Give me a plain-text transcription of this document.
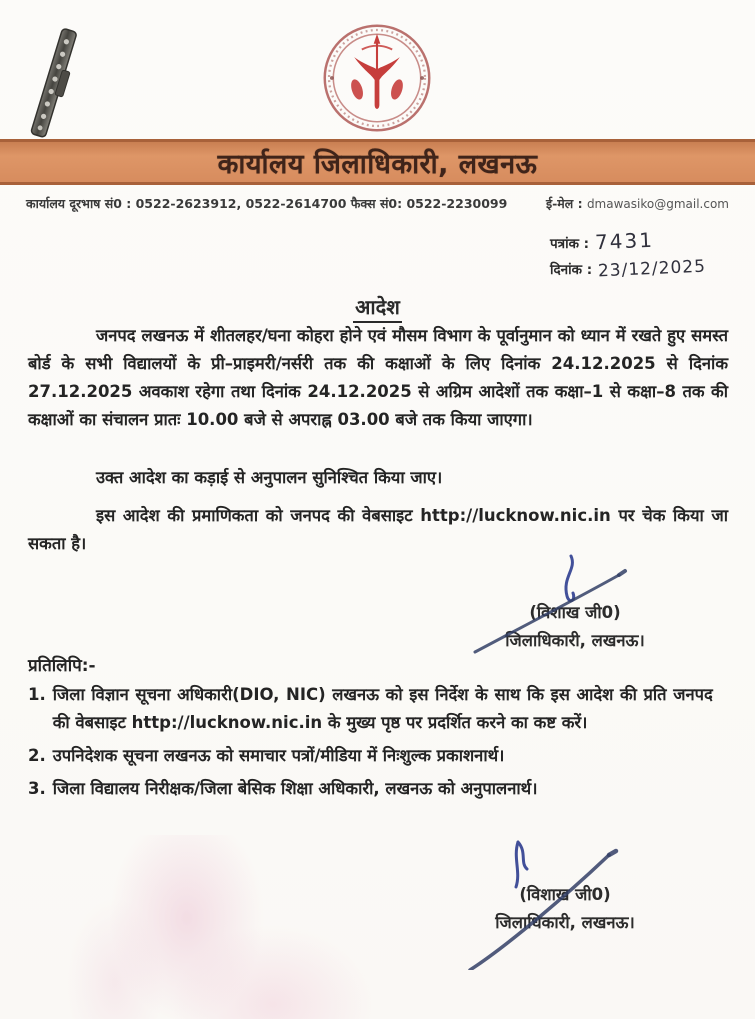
कार्यालय जिलाधिकारी, लखनऊ
कार्यालय दूरभाष सं0 : 0522-2623912, 0522-2614700 फैक्स सं0: 0522-2230099	ई-मेल : dmawasiko@gmail.com
पत्रांक : 7431
दिनांक : 23/12/2025
आदेश

जनपद लखनऊ में शीतलहर/घना कोहरा होने एवं मौसम विभाग के पूर्वानुमान को ध्यान में रखते हुए समस्त बोर्ड के सभी विद्यालयों के प्री–प्राइमरी/नर्सरी तक की कक्षाओं के लिए दिनांक 24.12.2025 से दिनांक 27.12.2025 अवकाश रहेगा तथा दिनांक 24.12.2025 से अग्रिम आदेशों तक कक्षा–1 से कक्षा–8 तक की कक्षाओं का संचालन प्रातः 10.00 बजे से अपराह्न 03.00 बजे तक किया जाएगा।

उक्त आदेश का कड़ाई से अनुपालन सुनिश्चित किया जाए।

इस आदेश की प्रमाणिकता को जनपद की वेबसाइट http://lucknow.nic.in पर चेक किया जा सकता है।

(विशाख जी0)
जिलाधिकारी, लखनऊ।
प्रतिलिपि:-
1. जिला विज्ञान सूचना अधिकारी(DIO, NIC) लखनऊ को इस निर्देश के साथ कि इस आदेश की प्रति जनपद की वेबसाइट http://lucknow.nic.in के मुख्य पृष्ठ पर प्रदर्शित करने का कष्ट करें।
2. उपनिदेशक सूचना लखनऊ को समाचार पत्रों/मीडिया में निःशुल्क प्रकाशनार्थ।
3. जिला विद्यालय निरीक्षक/जिला बेसिक शिक्षा अधिकारी, लखनऊ को अनुपालनार्थ।
(विशाख जी0)
जिलाधिकारी, लखनऊ।
